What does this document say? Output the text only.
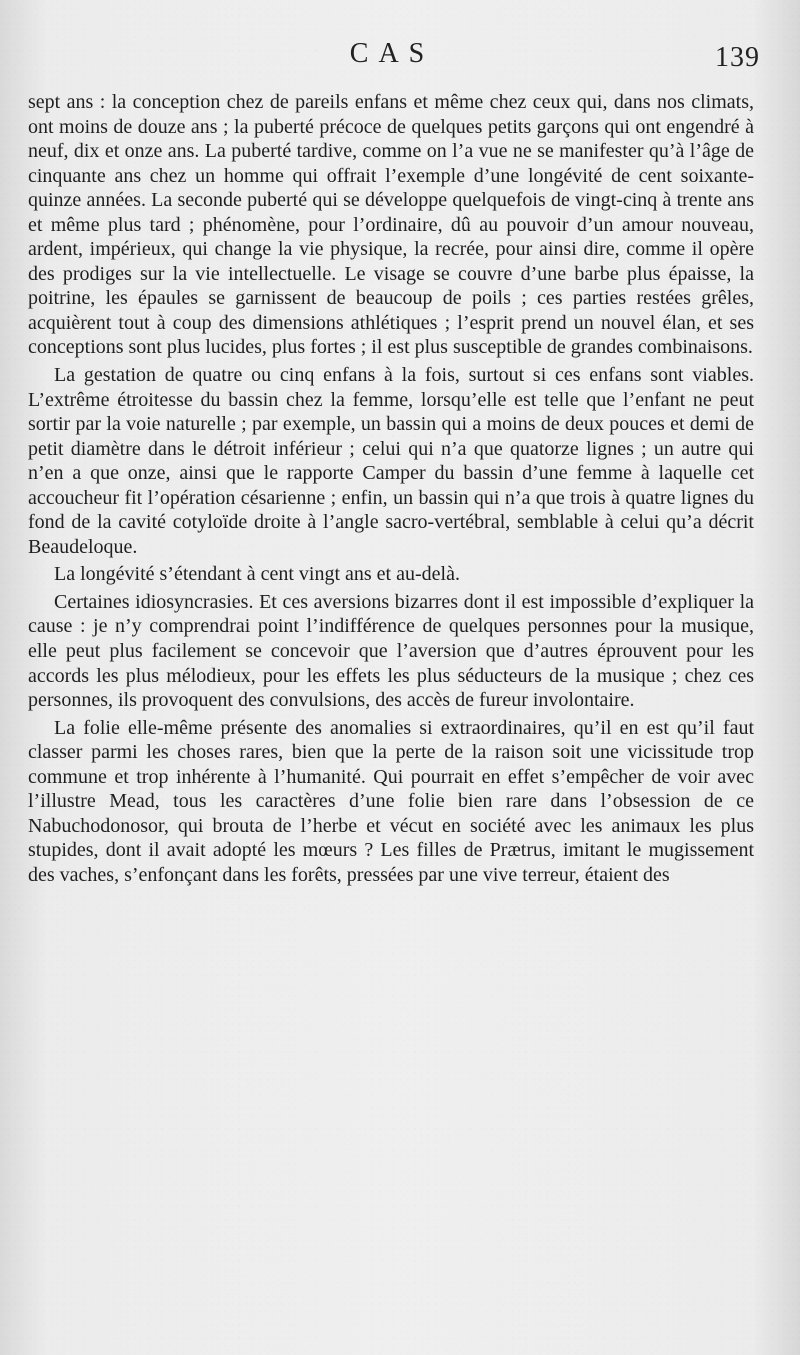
CAS	139

sept ans : la conception chez de pareils enfans et même chez ceux qui, dans nos climats, ont moins de douze ans ; la puberté précoce de quelques petits garçons qui ont engendré à neuf, dix et onze ans. La puberté tardive, comme on l’a vue ne se manifester qu’à l’âge de cinquante ans chez un homme qui offrait l’exemple d’une longévité de cent soixante-quinze années. La seconde puberté qui se développe quelquefois de vingt-cinq à trente ans et même plus tard ; phénomène, pour l’ordinaire, dû au pouvoir d’un amour nouveau, ardent, impérieux, qui change la vie physique, la recrée, pour ainsi dire, comme il opère des prodiges sur la vie intellectuelle. Le visage se couvre d’une barbe plus épaisse, la poitrine, les épaules se garnissent de beaucoup de poils ; ces parties restées grêles, acquièrent tout à coup des dimensions athlétiques ; l’esprit prend un nouvel élan, et ses conceptions sont plus lucides, plus fortes ; il est plus susceptible de grandes combinaisons.

La gestation de quatre ou cinq enfans à la fois, surtout si ces enfans sont viables. L’extrême étroitesse du bassin chez la femme, lorsqu’elle est telle que l’enfant ne peut sortir par la voie naturelle ; par exemple, un bassin qui a moins de deux pouces et demi de petit diamètre dans le détroit inférieur ; celui qui n’a que quatorze lignes ; un autre qui n’en a que onze, ainsi que le rapporte Camper du bassin d’une femme à laquelle cet accoucheur fit l’opération césarienne ; enfin, un bassin qui n’a que trois à quatre lignes du fond de la cavité cotyloïde droite à l’angle sacro-vertébral, semblable à celui qu’a décrit Beaudeloque.

La longévité s’étendant à cent vingt ans et au-delà.

Certaines idiosyncrasies. Et ces aversions bizarres dont il est impossible d’expliquer la cause : je n’y comprendrai point l’indifférence de quelques personnes pour la musique, elle peut plus facilement se concevoir que l’aversion que d’autres éprouvent pour les accords les plus mélodieux, pour les effets les plus séducteurs de la musique ; chez ces personnes, ils provoquent des convulsions, des accès de fureur involontaire.

La folie elle-même présente des anomalies si extraordinaires, qu’il en est qu’il faut classer parmi les choses rares, bien que la perte de la raison soit une vicissitude trop commune et trop inhérente à l’humanité. Qui pourrait en effet s’empêcher de voir avec l’illustre Mead, tous les caractères d’une folie bien rare dans l’obsession de ce Nabuchodonosor, qui brouta de l’herbe et vécut en société avec les animaux les plus stupides, dont il avait adopté les mœurs ? Les filles de Prætrus, imitant le mugissement des vaches, s’enfonçant dans les forêts, pressées par une vive terreur, étaient des
